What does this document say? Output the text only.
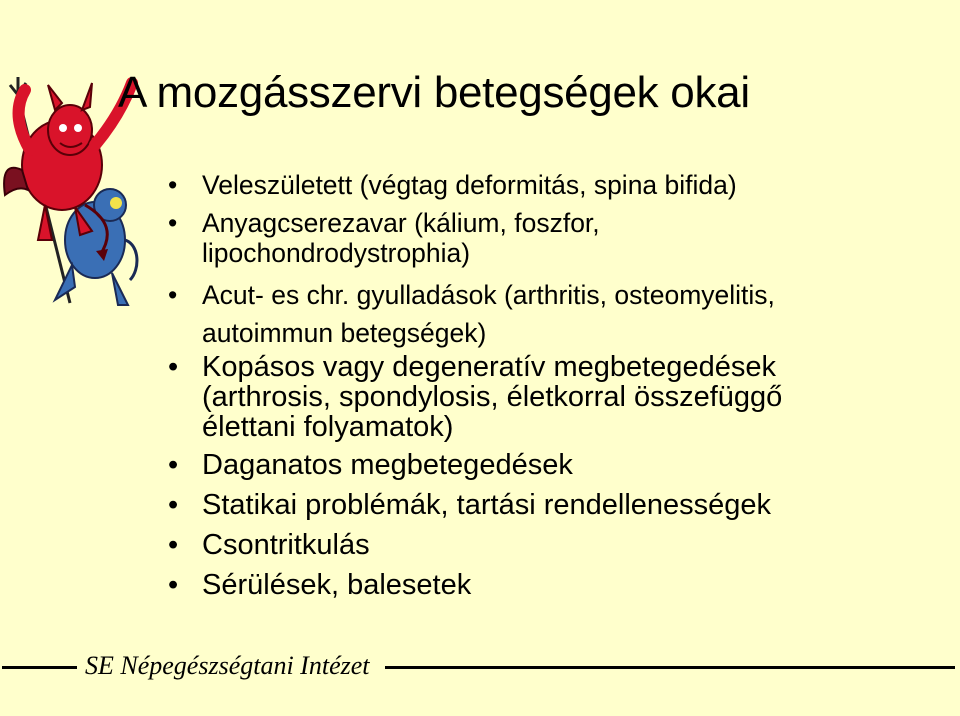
A mozgásszervi betegségek okai
• Veleszületett (végtag deformitás, spina bifida)
• Anyagcserezavar (kálium, foszfor,
lipochondrodystrophia)
• Acut- es chr. gyulladások (arthritis, osteomyelitis,
autoimmun betegségek)
• Kopásos vagy degeneratív megbetegedések
(arthrosis, spondylosis, életkorral összefüggő
élettani folyamatok)
• Daganatos megbetegedések
• Statikai problémák, tartási rendellenességek
• Csontritkulás
• Sérülések, balesetek
SE Népegészségtani Intézet
